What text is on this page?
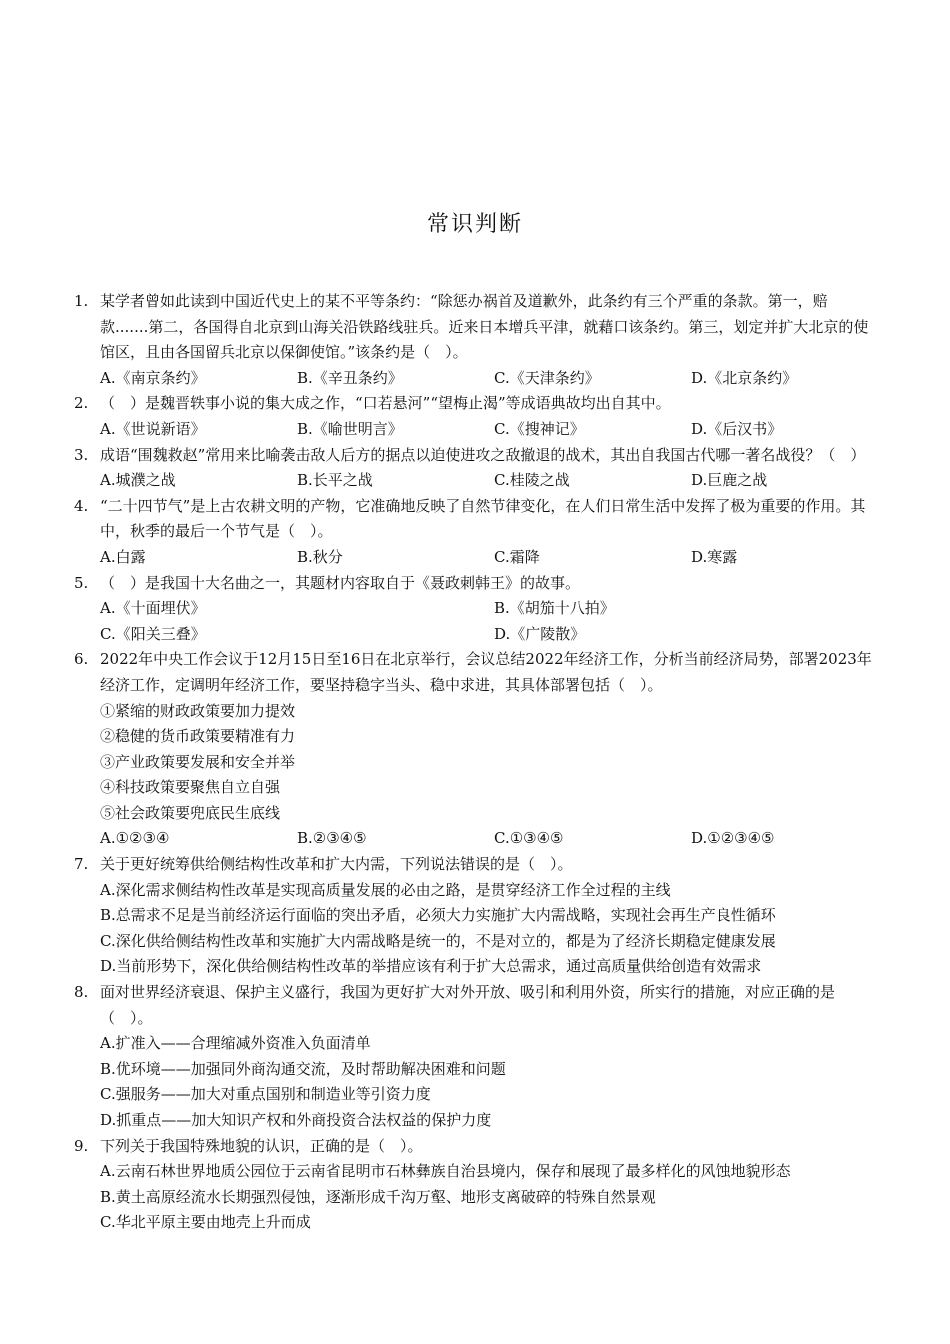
常识判断
1. 某学者曾如此读到中国近代史上的某不平等条约：“除惩办祸首及道歉外，此条约有三个严重的条款。第一，赔款.......第二，各国得自北京到山海关沿铁路线驻兵。近来日本增兵平津，就藉口该条约。第三，划定并扩大北京的使馆区，且由各国留兵北京以保御使馆。”该条约是（　）。
A.《南京条约》	B.《辛丑条约》	C.《天津条约》	D.《北京条约》
2. （　）是魏晋轶事小说的集大成之作，“口若悬河”“望梅止渴”等成语典故均出自其中。
A.《世说新语》	B.《喻世明言》	C.《搜神记》	D.《后汉书》
3. 成语“围魏救赵”常用来比喻袭击敌人后方的据点以迫使进攻之敌撤退的战术，其出自我国古代哪一著名战役？（　）
A.城濮之战	B.长平之战	C.桂陵之战	D.巨鹿之战
4. “二十四节气”是上古农耕文明的产物，它准确地反映了自然节律变化，在人们日常生活中发挥了极为重要的作用。其中，秋季的最后一个节气是（　）。
A.白露	B.秋分	C.霜降	D.寒露
5. （　）是我国十大名曲之一，其题材内容取自于《聂政刺韩王》的故事。
A.《十面埋伏》	B.《胡笳十八拍》
C.《阳关三叠》	D.《广陵散》
6. 2022年中央工作会议于12月15日至16日在北京举行，会议总结2022年经济工作，分析当前经济局势，部署2023年经济工作，定调明年经济工作，要坚持稳字当头、稳中求进，其具体部署包括（　）。
①紧缩的财政政策要加力提效
②稳健的货币政策要精准有力
③产业政策要发展和安全并举
④科技政策要聚焦自立自强
⑤社会政策要兜底民生底线
A.①②③④	B.②③④⑤	C.①③④⑤	D.①②③④⑤
7. 关于更好统筹供给侧结构性改革和扩大内需，下列说法错误的是（　）。
A.深化需求侧结构性改革是实现高质量发展的必由之路，是贯穿经济工作全过程的主线
B.总需求不足是当前经济运行面临的突出矛盾，必须大力实施扩大内需战略，实现社会再生产良性循环
C.深化供给侧结构性改革和实施扩大内需战略是统一的，不是对立的，都是为了经济长期稳定健康发展
D.当前形势下，深化供给侧结构性改革的举措应该有利于扩大总需求，通过高质量供给创造有效需求
8. 面对世界经济衰退、保护主义盛行，我国为更好扩大对外开放、吸引和利用外资，所实行的措施，对应正确的是（　）。
A.扩准入——合理缩减外资准入负面清单
B.优环境——加强同外商沟通交流，及时帮助解决困难和问题
C.强服务——加大对重点国别和制造业等引资力度
D.抓重点——加大知识产权和外商投资合法权益的保护力度
9. 下列关于我国特殊地貌的认识，正确的是（　）。
A.云南石林世界地质公园位于云南省昆明市石林彝族自治县境内，保存和展现了最多样化的风蚀地貌形态
B.黄土高原经流水长期强烈侵蚀，逐渐形成千沟万壑、地形支离破碎的特殊自然景观
C.华北平原主要由地壳上升而成
